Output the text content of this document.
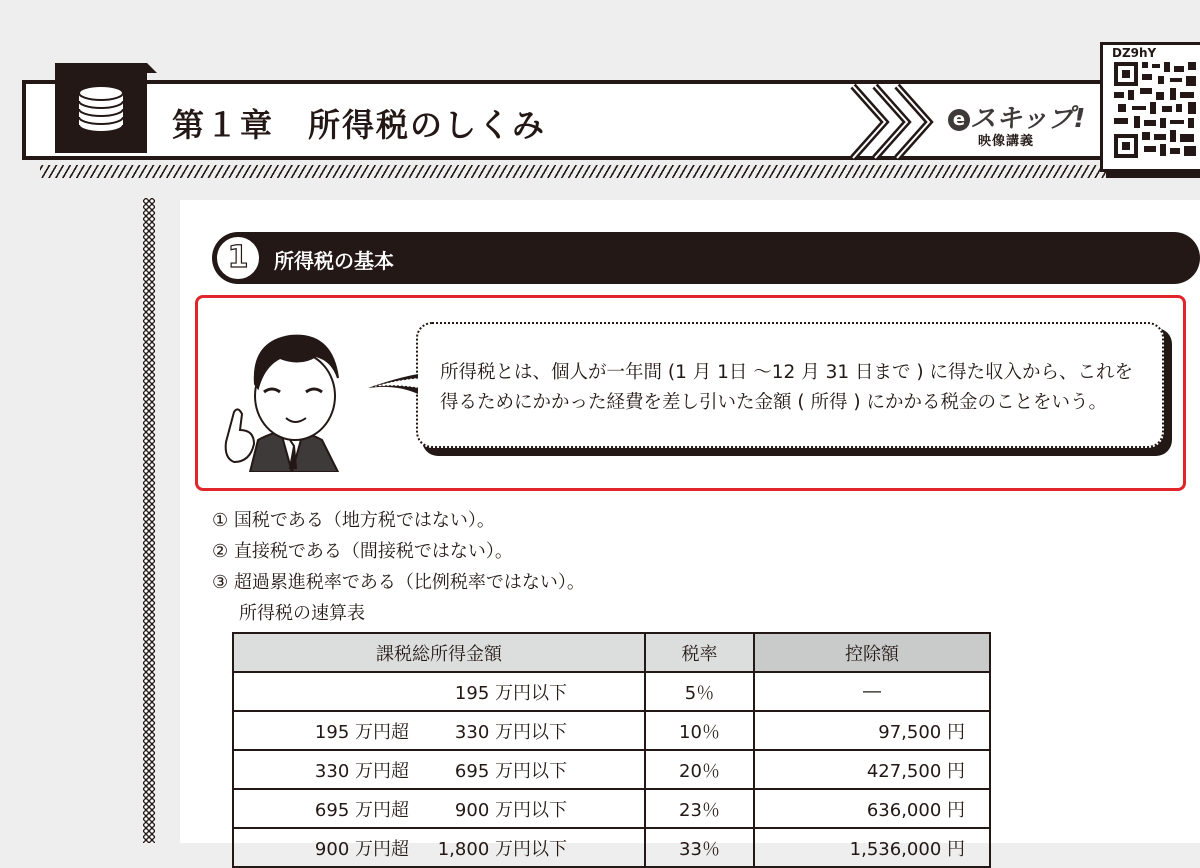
第１章　所得税のしくみ	e スキップ!
映像講義
DZ9hY
1	所得税の基本
所得税とは、個人が一年間 (1 月 1日 ～12 月 31 日まで ) に得た収入から、これを
得るためにかかった経費を差し引いた金額 ( 所得 ) にかかる税金のことをいう。
① 国税である（地方税ではない）。
② 直接税である（間接税ではない）。
③ 超過累進税率である（比例税率ではない）。
所得税の速算表
課税総所得金額	税率	控除額
195 万円以下	5％	―
195 万円超 330 万円以下	10％	97,500 円
330 万円超 695 万円以下	20％	427,500 円
695 万円超 900 万円以下	23％	636,000 円
900 万円超 1,800 万円以下	33％	1,536,000 円
